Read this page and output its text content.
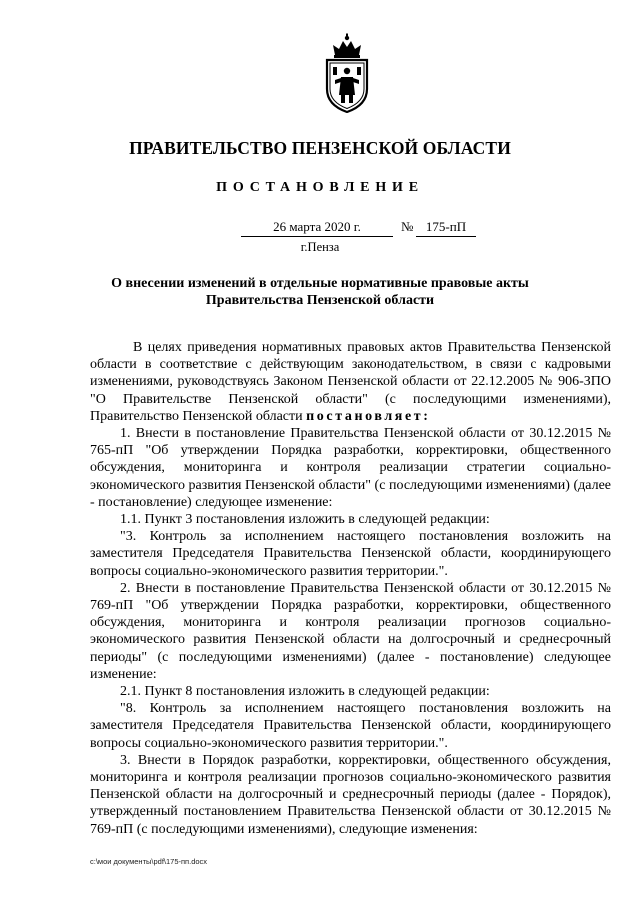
ПРАВИТЕЛЬСТВО ПЕНЗЕНСКОЙ ОБЛАСТИ
ПОСТАНОВЛЕНИЕ
26 марта 2020 г.	№ 175-пП
г.Пенза
О внесении изменений в отдельные нормативные правовые акты
Правительства Пензенской области

В целях приведения нормативных правовых актов Правительства Пензенской области в соответствие с действующим законодательством, в связи с кадровыми изменениями, руководствуясь Законом Пензенской области от 22.12.2005 № 906-ЗПО "О Правительстве Пензенской области" (с последующими изменениями), Правительство Пензенской области постановляет:

1. Внести в постановление Правительства Пензенской области от 30.12.2015 № 765-пП "Об утверждении Порядка разработки, корректировки, общественного обсуждения, мониторинга и контроля реализации стратегии социально-экономического развития Пензенской области" (с последующими изменениями) (далее - постановление) следующее изменение:

1.1. Пункт 3 постановления изложить в следующей редакции:

"3. Контроль за исполнением настоящего постановления возложить на заместителя Председателя Правительства Пензенской области, координирующего вопросы социально-экономического развития территории.".

2. Внести в постановление Правительства Пензенской области от 30.12.2015 № 769-пП "Об утверждении Порядка разработки, корректировки, общественного обсуждения, мониторинга и контроля реализации прогнозов социально-экономического развития Пензенской области на долгосрочный и среднесрочный периоды" (с последующими изменениями) (далее - постановление) следующее изменение:

2.1. Пункт 8 постановления изложить в следующей редакции:

"8. Контроль за исполнением настоящего постановления возложить на заместителя Председателя Правительства Пензенской области, координирующего вопросы социально-экономического развития территории.".

3. Внести в Порядок разработки, корректировки, общественного обсуждения, мониторинга и контроля реализации прогнозов социально-экономического развития Пензенской области на долгосрочный и среднесрочный периоды (далее - Порядок), утвержденный постановлением Правительства Пензенской области от 30.12.2015 № 769-пП (с последующими изменениями), следующие изменения:

c:\мои документы\pdf\175-пп.docx
